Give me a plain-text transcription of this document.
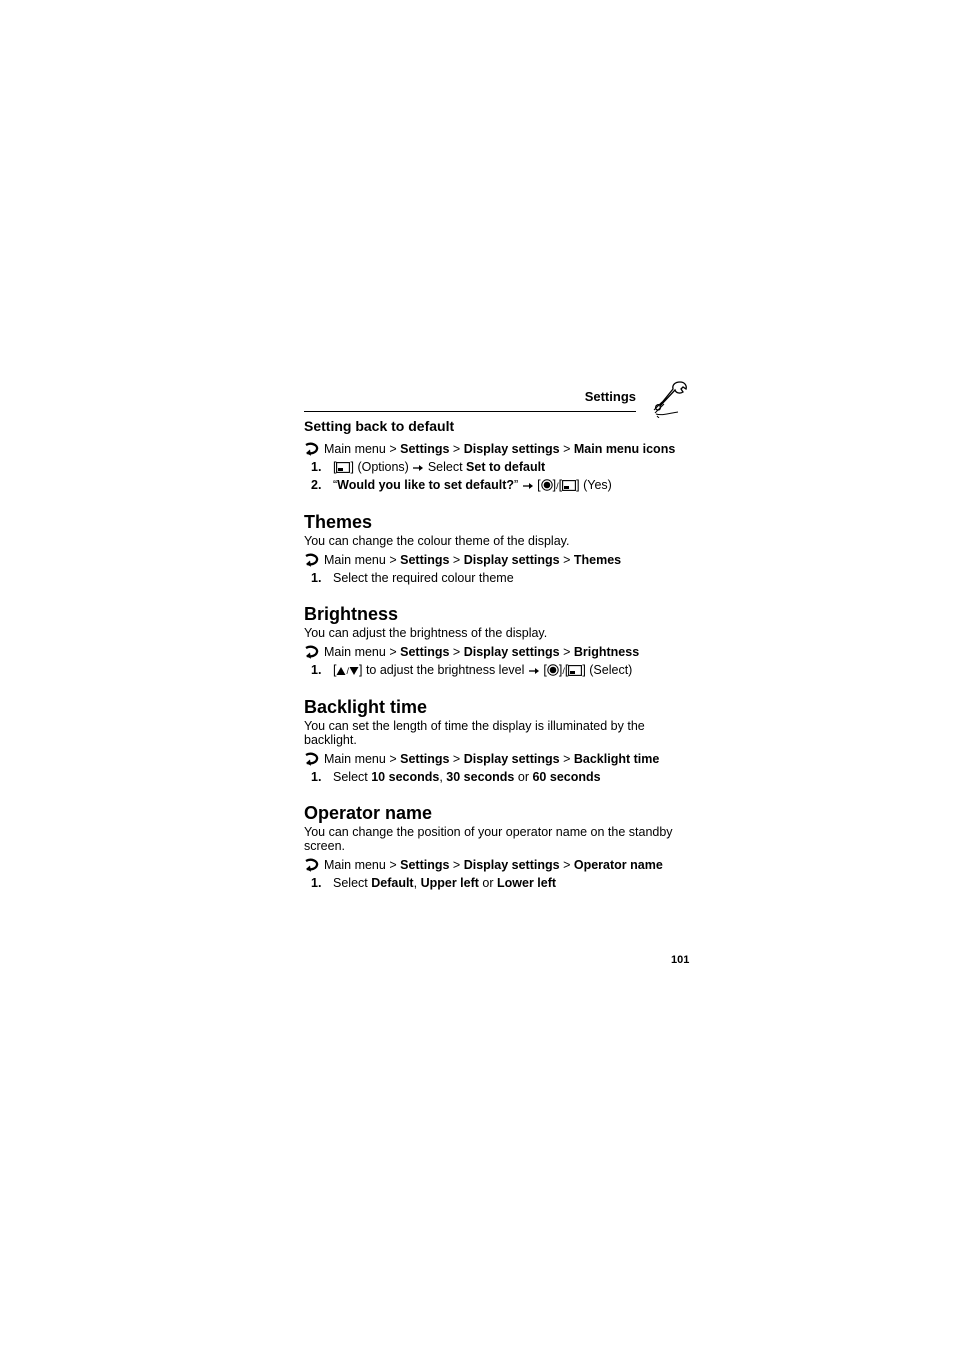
Settings
Setting back to default
Main menu
>
Settings
>
Display settings
>
Main menu icons
1. [ ] (Options) Select Set to default
2. “Would you like to set default?”  [ ]/[ ] (Yes)
Themes
You can change the colour theme of the display.
Main menu
>
Settings
>
Display settings
>
Themes
1. Select the required colour theme
Brightness
You can adjust the brightness of the display.
Main menu
>
Settings
>
Display settings
>
Brightness
1. [ / ] to adjust the brightness level  [ ]/[ ] (Select)
Backlight time
You can set the length of time the display is illuminated by the backlight.
Main menu
>
Settings
>
Display settings
>
Backlight time
1. Select 10 seconds, 30 seconds or 60 seconds
Operator name
You can change the position of your operator name on the standby screen.
Main menu
>
Settings
>
Display settings
>
Operator name
1. Select Default, Upper left or Lower left
101
